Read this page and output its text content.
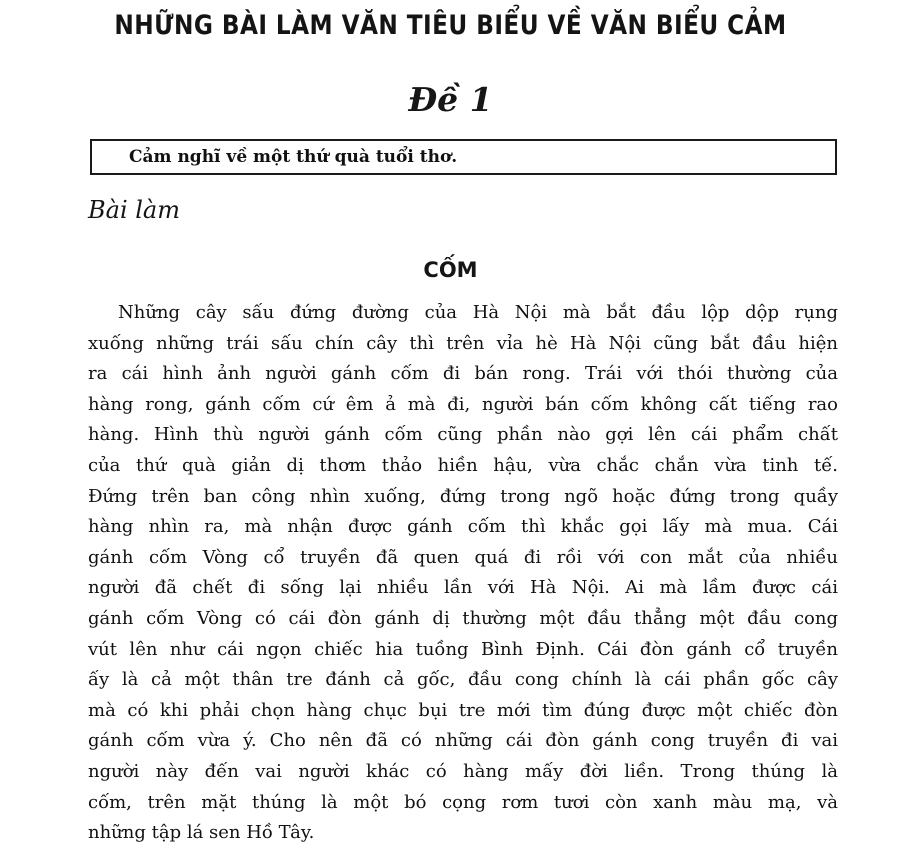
NHỮNG BÀI LÀM VĂN TIÊU BIỂU VỀ VĂN BIỂU CẢM
Đề 1
Cảm nghĩ về một thứ quà tuổi thơ.
Bài làm
CỐM
Những cây sấu đứng đường của Hà Nội mà bắt đầu lộp dộp rụng
xuống những trái sấu chín cây thì trên vỉa hè Hà Nội cũng bắt đầu hiện
ra cái hình ảnh người gánh cốm đi bán rong. Trái với thói thường của
hàng rong, gánh cốm cứ êm ả mà đi, người bán cốm không cất tiếng rao
hàng. Hình thù người gánh cốm cũng phần nào gợi lên cái phẩm chất
của thứ quà giản dị thơm thảo hiền hậu, vừa chắc chắn vừa tinh tế.
Đứng trên ban công nhìn xuống, đứng trong ngõ hoặc đứng trong quầy
hàng nhìn ra, mà nhận được gánh cốm thì khắc gọi lấy mà mua. Cái
gánh cốm Vòng cổ truyền đã quen quá đi rồi với con mắt của nhiều
người đã chết đi sống lại nhiều lần với Hà Nội. Ai mà lầm được cái
gánh cốm Vòng có cái đòn gánh dị thường một đầu thẳng một đầu cong
vút lên như cái ngọn chiếc hia tuồng Bình Định. Cái đòn gánh cổ truyền
ấy là cả một thân tre đánh cả gốc, đầu cong chính là cái phần gốc cây
mà có khi phải chọn hàng chục bụi tre mới tìm đúng được một chiếc đòn
gánh cốm vừa ý. Cho nên đã có những cái đòn gánh cong truyền đi vai
người này đến vai người khác có hàng mấy đời liền. Trong thúng là
cốm, trên mặt thúng là một bó cọng rơm tươi còn xanh màu mạ, và
những tập lá sen Hồ Tây.
